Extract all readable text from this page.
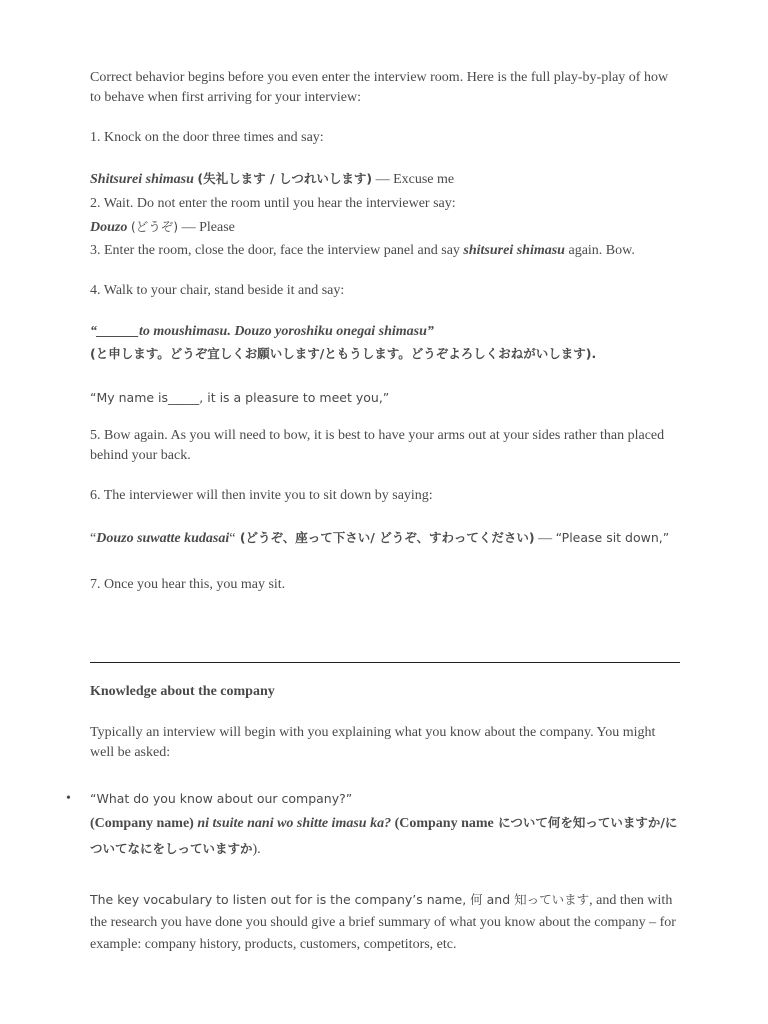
Correct behavior begins before you even enter the interview room. Here is the full play-by-play of how to behave when first arriving for your interview:

1. Knock on the door three times and say:

Shitsurei shimasu (失礼します / しつれいします) — Excuse me

2. Wait. Do not enter the room until you hear the interviewer say:

Douzo (どうぞ) — Please

3. Enter the room, close the door, face the interview panel and say shitsurei shimasu again. Bow.

4. Walk to your chair, stand beside it and say:

“______to moushimasu. Douzo yoroshiku onegai shimasu”

(と申します。どうぞ宜しくお願いします/ともうします。どうぞよろしくおねがいします).

“My name is_____, it is a pleasure to meet you,”

5. Bow again. As you will need to bow, it is best to have your arms out at your sides rather than placed behind your back.

6. The interviewer will then invite you to sit down by saying:

“Douzo suwatte kudasai“ (どうぞ、座って下さい/ どうぞ、すわってください) — “Please sit down,”

7. Once you hear this, you may sit.

Knowledge about the company

Typically an interview will begin with you explaining what you know about the company. You might well be asked:

• “What do you know about our company?”

(Company name) ni tsuite nani wo shitte imasu ka? (Company name について何を知っていますか/についてなにをしっていますか).

The key vocabulary to listen out for is the company’s name, 何 and 知っています, and then with the research you have done you should give a brief summary of what you know about the company – for example: company history, products, customers, competitors, etc.
